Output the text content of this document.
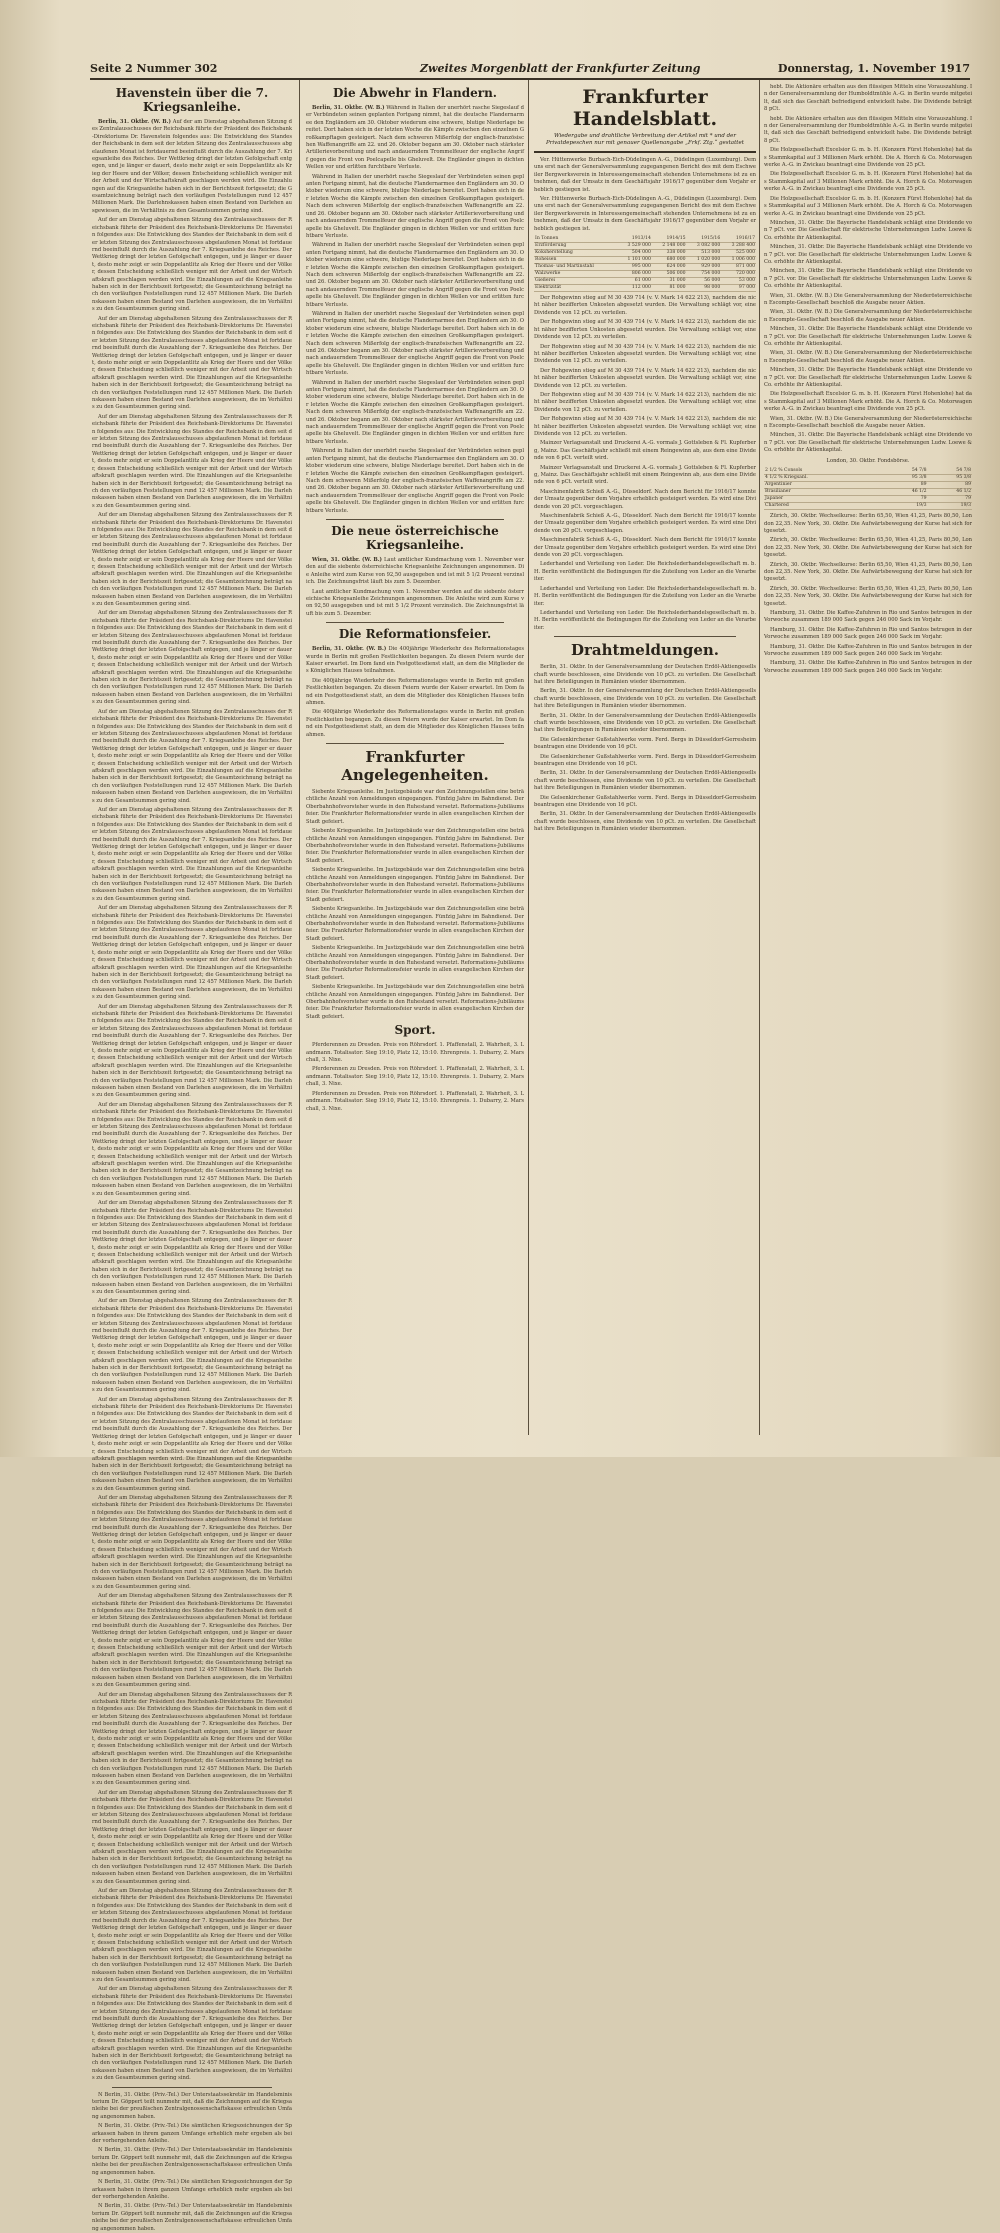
Seite 2 Nummer 302	Zweites Morgenblatt der Frankfurter Zeitung	Donnerstag, 1. November 1917
Havenstein über die 7. Kriegsanleihe.

Berlin, 31. Oktbr. (W. B.) Auf der am Dienstag abgehaltenen Sitzung des Zentralausschusses der Reichsbank führte der Präsident des Reichsbank-Direktoriums Dr. Havenstein folgendes aus: Die Entwicklung des Standes der Reichsbank in dem seit der letzten Sitzung des Zentralausschusses abgelaufenen Monat ist fortdauernd beeinflußt durch die Auszahlung der 7. Kriegsanleihe des Reiches. Der Wettkrieg dringt der letzten Gefolgschaft entgegen, und je länger er dauert, desto mehr zeigt er sein Doppelantlitz als Krieg der Heere und der Völker, dessen Entscheidung schließlich weniger mit der Arbeit und der Wirtschaftskraft geschlagen werden wird. Die Einzahlungen auf die Kriegsanleihe haben sich in der Berichtszeit fortgesetzt; die Gesamtzeichnung beträgt nach den vorläufigen Feststellungen rund 12 457 Millionen Mark. Die Darlehnskassen haben einen Bestand von Darlehen ausgewiesen, die im Verhältnis zu den Gesamtsummen gering sind.

Auf der am Dienstag abgehaltenen Sitzung des Zentralausschusses der Reichsbank führte der Präsident des Reichsbank-Direktoriums Dr. Havenstein folgendes aus: Die Entwicklung des Standes der Reichsbank in dem seit der letzten Sitzung des Zentralausschusses abgelaufenen Monat ist fortdauernd beeinflußt durch die Auszahlung der 7. Kriegsanleihe des Reiches. Der Wettkrieg dringt der letzten Gefolgschaft entgegen, und je länger er dauert, desto mehr zeigt er sein Doppelantlitz als Krieg der Heere und der Völker, dessen Entscheidung schließlich weniger mit der Arbeit und der Wirtschaftskraft geschlagen werden wird. Die Einzahlungen auf die Kriegsanleihe haben sich in der Berichtszeit fortgesetzt; die Gesamtzeichnung beträgt nach den vorläufigen Feststellungen rund 12 457 Millionen Mark. Die Darlehnskassen haben einen Bestand von Darlehen ausgewiesen, die im Verhältnis zu den Gesamtsummen gering sind.

Auf der am Dienstag abgehaltenen Sitzung des Zentralausschusses der Reichsbank führte der Präsident des Reichsbank-Direktoriums Dr. Havenstein folgendes aus: Die Entwicklung des Standes der Reichsbank in dem seit der letzten Sitzung des Zentralausschusses abgelaufenen Monat ist fortdauernd beeinflußt durch die Auszahlung der 7. Kriegsanleihe des Reiches. Der Wettkrieg dringt der letzten Gefolgschaft entgegen, und je länger er dauert, desto mehr zeigt er sein Doppelantlitz als Krieg der Heere und der Völker, dessen Entscheidung schließlich weniger mit der Arbeit und der Wirtschaftskraft geschlagen werden wird. Die Einzahlungen auf die Kriegsanleihe haben sich in der Berichtszeit fortgesetzt; die Gesamtzeichnung beträgt nach den vorläufigen Feststellungen rund 12 457 Millionen Mark. Die Darlehnskassen haben einen Bestand von Darlehen ausgewiesen, die im Verhältnis zu den Gesamtsummen gering sind.

Auf der am Dienstag abgehaltenen Sitzung des Zentralausschusses der Reichsbank führte der Präsident des Reichsbank-Direktoriums Dr. Havenstein folgendes aus: Die Entwicklung des Standes der Reichsbank in dem seit der letzten Sitzung des Zentralausschusses abgelaufenen Monat ist fortdauernd beeinflußt durch die Auszahlung der 7. Kriegsanleihe des Reiches. Der Wettkrieg dringt der letzten Gefolgschaft entgegen, und je länger er dauert, desto mehr zeigt er sein Doppelantlitz als Krieg der Heere und der Völker, dessen Entscheidung schließlich weniger mit der Arbeit und der Wirtschaftskraft geschlagen werden wird. Die Einzahlungen auf die Kriegsanleihe haben sich in der Berichtszeit fortgesetzt; die Gesamtzeichnung beträgt nach den vorläufigen Feststellungen rund 12 457 Millionen Mark. Die Darlehnskassen haben einen Bestand von Darlehen ausgewiesen, die im Verhältnis zu den Gesamtsummen gering sind.

Auf der am Dienstag abgehaltenen Sitzung des Zentralausschusses der Reichsbank führte der Präsident des Reichsbank-Direktoriums Dr. Havenstein folgendes aus: Die Entwicklung des Standes der Reichsbank in dem seit der letzten Sitzung des Zentralausschusses abgelaufenen Monat ist fortdauernd beeinflußt durch die Auszahlung der 7. Kriegsanleihe des Reiches. Der Wettkrieg dringt der letzten Gefolgschaft entgegen, und je länger er dauert, desto mehr zeigt er sein Doppelantlitz als Krieg der Heere und der Völker, dessen Entscheidung schließlich weniger mit der Arbeit und der Wirtschaftskraft geschlagen werden wird. Die Einzahlungen auf die Kriegsanleihe haben sich in der Berichtszeit fortgesetzt; die Gesamtzeichnung beträgt nach den vorläufigen Feststellungen rund 12 457 Millionen Mark. Die Darlehnskassen haben einen Bestand von Darlehen ausgewiesen, die im Verhältnis zu den Gesamtsummen gering sind.

Auf der am Dienstag abgehaltenen Sitzung des Zentralausschusses der Reichsbank führte der Präsident des Reichsbank-Direktoriums Dr. Havenstein folgendes aus: Die Entwicklung des Standes der Reichsbank in dem seit der letzten Sitzung des Zentralausschusses abgelaufenen Monat ist fortdauernd beeinflußt durch die Auszahlung der 7. Kriegsanleihe des Reiches. Der Wettkrieg dringt der letzten Gefolgschaft entgegen, und je länger er dauert, desto mehr zeigt er sein Doppelantlitz als Krieg der Heere und der Völker, dessen Entscheidung schließlich weniger mit der Arbeit und der Wirtschaftskraft geschlagen werden wird. Die Einzahlungen auf die Kriegsanleihe haben sich in der Berichtszeit fortgesetzt; die Gesamtzeichnung beträgt nach den vorläufigen Feststellungen rund 12 457 Millionen Mark. Die Darlehnskassen haben einen Bestand von Darlehen ausgewiesen, die im Verhältnis zu den Gesamtsummen gering sind.

Auf der am Dienstag abgehaltenen Sitzung des Zentralausschusses der Reichsbank führte der Präsident des Reichsbank-Direktoriums Dr. Havenstein folgendes aus: Die Entwicklung des Standes der Reichsbank in dem seit der letzten Sitzung des Zentralausschusses abgelaufenen Monat ist fortdauernd beeinflußt durch die Auszahlung der 7. Kriegsanleihe des Reiches. Der Wettkrieg dringt der letzten Gefolgschaft entgegen, und je länger er dauert, desto mehr zeigt er sein Doppelantlitz als Krieg der Heere und der Völker, dessen Entscheidung schließlich weniger mit der Arbeit und der Wirtschaftskraft geschlagen werden wird. Die Einzahlungen auf die Kriegsanleihe haben sich in der Berichtszeit fortgesetzt; die Gesamtzeichnung beträgt nach den vorläufigen Feststellungen rund 12 457 Millionen Mark. Die Darlehnskassen haben einen Bestand von Darlehen ausgewiesen, die im Verhältnis zu den Gesamtsummen gering sind.

Auf der am Dienstag abgehaltenen Sitzung des Zentralausschusses der Reichsbank führte der Präsident des Reichsbank-Direktoriums Dr. Havenstein folgendes aus: Die Entwicklung des Standes der Reichsbank in dem seit der letzten Sitzung des Zentralausschusses abgelaufenen Monat ist fortdauernd beeinflußt durch die Auszahlung der 7. Kriegsanleihe des Reiches. Der Wettkrieg dringt der letzten Gefolgschaft entgegen, und je länger er dauert, desto mehr zeigt er sein Doppelantlitz als Krieg der Heere und der Völker, dessen Entscheidung schließlich weniger mit der Arbeit und der Wirtschaftskraft geschlagen werden wird. Die Einzahlungen auf die Kriegsanleihe haben sich in der Berichtszeit fortgesetzt; die Gesamtzeichnung beträgt nach den vorläufigen Feststellungen rund 12 457 Millionen Mark. Die Darlehnskassen haben einen Bestand von Darlehen ausgewiesen, die im Verhältnis zu den Gesamtsummen gering sind.

Auf der am Dienstag abgehaltenen Sitzung des Zentralausschusses der Reichsbank führte der Präsident des Reichsbank-Direktoriums Dr. Havenstein folgendes aus: Die Entwicklung des Standes der Reichsbank in dem seit der letzten Sitzung des Zentralausschusses abgelaufenen Monat ist fortdauernd beeinflußt durch die Auszahlung der 7. Kriegsanleihe des Reiches. Der Wettkrieg dringt der letzten Gefolgschaft entgegen, und je länger er dauert, desto mehr zeigt er sein Doppelantlitz als Krieg der Heere und der Völker, dessen Entscheidung schließlich weniger mit der Arbeit und der Wirtschaftskraft geschlagen werden wird. Die Einzahlungen auf die Kriegsanleihe haben sich in der Berichtszeit fortgesetzt; die Gesamtzeichnung beträgt nach den vorläufigen Feststellungen rund 12 457 Millionen Mark. Die Darlehnskassen haben einen Bestand von Darlehen ausgewiesen, die im Verhältnis zu den Gesamtsummen gering sind.

Auf der am Dienstag abgehaltenen Sitzung des Zentralausschusses der Reichsbank führte der Präsident des Reichsbank-Direktoriums Dr. Havenstein folgendes aus: Die Entwicklung des Standes der Reichsbank in dem seit der letzten Sitzung des Zentralausschusses abgelaufenen Monat ist fortdauernd beeinflußt durch die Auszahlung der 7. Kriegsanleihe des Reiches. Der Wettkrieg dringt der letzten Gefolgschaft entgegen, und je länger er dauert, desto mehr zeigt er sein Doppelantlitz als Krieg der Heere und der Völker, dessen Entscheidung schließlich weniger mit der Arbeit und der Wirtschaftskraft geschlagen werden wird. Die Einzahlungen auf die Kriegsanleihe haben sich in der Berichtszeit fortgesetzt; die Gesamtzeichnung beträgt nach den vorläufigen Feststellungen rund 12 457 Millionen Mark. Die Darlehnskassen haben einen Bestand von Darlehen ausgewiesen, die im Verhältnis zu den Gesamtsummen gering sind.

Auf der am Dienstag abgehaltenen Sitzung des Zentralausschusses der Reichsbank führte der Präsident des Reichsbank-Direktoriums Dr. Havenstein folgendes aus: Die Entwicklung des Standes der Reichsbank in dem seit der letzten Sitzung des Zentralausschusses abgelaufenen Monat ist fortdauernd beeinflußt durch die Auszahlung der 7. Kriegsanleihe des Reiches. Der Wettkrieg dringt der letzten Gefolgschaft entgegen, und je länger er dauert, desto mehr zeigt er sein Doppelantlitz als Krieg der Heere und der Völker, dessen Entscheidung schließlich weniger mit der Arbeit und der Wirtschaftskraft geschlagen werden wird. Die Einzahlungen auf die Kriegsanleihe haben sich in der Berichtszeit fortgesetzt; die Gesamtzeichnung beträgt nach den vorläufigen Feststellungen rund 12 457 Millionen Mark. Die Darlehnskassen haben einen Bestand von Darlehen ausgewiesen, die im Verhältnis zu den Gesamtsummen gering sind.

Auf der am Dienstag abgehaltenen Sitzung des Zentralausschusses der Reichsbank führte der Präsident des Reichsbank-Direktoriums Dr. Havenstein folgendes aus: Die Entwicklung des Standes der Reichsbank in dem seit der letzten Sitzung des Zentralausschusses abgelaufenen Monat ist fortdauernd beeinflußt durch die Auszahlung der 7. Kriegsanleihe des Reiches. Der Wettkrieg dringt der letzten Gefolgschaft entgegen, und je länger er dauert, desto mehr zeigt er sein Doppelantlitz als Krieg der Heere und der Völker, dessen Entscheidung schließlich weniger mit der Arbeit und der Wirtschaftskraft geschlagen werden wird. Die Einzahlungen auf die Kriegsanleihe haben sich in der Berichtszeit fortgesetzt; die Gesamtzeichnung beträgt nach den vorläufigen Feststellungen rund 12 457 Millionen Mark. Die Darlehnskassen haben einen Bestand von Darlehen ausgewiesen, die im Verhältnis zu den Gesamtsummen gering sind.

Auf der am Dienstag abgehaltenen Sitzung des Zentralausschusses der Reichsbank führte der Präsident des Reichsbank-Direktoriums Dr. Havenstein folgendes aus: Die Entwicklung des Standes der Reichsbank in dem seit der letzten Sitzung des Zentralausschusses abgelaufenen Monat ist fortdauernd beeinflußt durch die Auszahlung der 7. Kriegsanleihe des Reiches. Der Wettkrieg dringt der letzten Gefolgschaft entgegen, und je länger er dauert, desto mehr zeigt er sein Doppelantlitz als Krieg der Heere und der Völker, dessen Entscheidung schließlich weniger mit der Arbeit und der Wirtschaftskraft geschlagen werden wird. Die Einzahlungen auf die Kriegsanleihe haben sich in der Berichtszeit fortgesetzt; die Gesamtzeichnung beträgt nach den vorläufigen Feststellungen rund 12 457 Millionen Mark. Die Darlehnskassen haben einen Bestand von Darlehen ausgewiesen, die im Verhältnis zu den Gesamtsummen gering sind.

Auf der am Dienstag abgehaltenen Sitzung des Zentralausschusses der Reichsbank führte der Präsident des Reichsbank-Direktoriums Dr. Havenstein folgendes aus: Die Entwicklung des Standes der Reichsbank in dem seit der letzten Sitzung des Zentralausschusses abgelaufenen Monat ist fortdauernd beeinflußt durch die Auszahlung der 7. Kriegsanleihe des Reiches. Der Wettkrieg dringt der letzten Gefolgschaft entgegen, und je länger er dauert, desto mehr zeigt er sein Doppelantlitz als Krieg der Heere und der Völker, dessen Entscheidung schließlich weniger mit der Arbeit und der Wirtschaftskraft geschlagen werden wird. Die Einzahlungen auf die Kriegsanleihe haben sich in der Berichtszeit fortgesetzt; die Gesamtzeichnung beträgt nach den vorläufigen Feststellungen rund 12 457 Millionen Mark. Die Darlehnskassen haben einen Bestand von Darlehen ausgewiesen, die im Verhältnis zu den Gesamtsummen gering sind.

Auf der am Dienstag abgehaltenen Sitzung des Zentralausschusses der Reichsbank führte der Präsident des Reichsbank-Direktoriums Dr. Havenstein folgendes aus: Die Entwicklung des Standes der Reichsbank in dem seit der letzten Sitzung des Zentralausschusses abgelaufenen Monat ist fortdauernd beeinflußt durch die Auszahlung der 7. Kriegsanleihe des Reiches. Der Wettkrieg dringt der letzten Gefolgschaft entgegen, und je länger er dauert, desto mehr zeigt er sein Doppelantlitz als Krieg der Heere und der Völker, dessen Entscheidung schließlich weniger mit der Arbeit und der Wirtschaftskraft geschlagen werden wird. Die Einzahlungen auf die Kriegsanleihe haben sich in der Berichtszeit fortgesetzt; die Gesamtzeichnung beträgt nach den vorläufigen Feststellungen rund 12 457 Millionen Mark. Die Darlehnskassen haben einen Bestand von Darlehen ausgewiesen, die im Verhältnis zu den Gesamtsummen gering sind.

Auf der am Dienstag abgehaltenen Sitzung des Zentralausschusses der Reichsbank führte der Präsident des Reichsbank-Direktoriums Dr. Havenstein folgendes aus: Die Entwicklung des Standes der Reichsbank in dem seit der letzten Sitzung des Zentralausschusses abgelaufenen Monat ist fortdauernd beeinflußt durch die Auszahlung der 7. Kriegsanleihe des Reiches. Der Wettkrieg dringt der letzten Gefolgschaft entgegen, und je länger er dauert, desto mehr zeigt er sein Doppelantlitz als Krieg der Heere und der Völker, dessen Entscheidung schließlich weniger mit der Arbeit und der Wirtschaftskraft geschlagen werden wird. Die Einzahlungen auf die Kriegsanleihe haben sich in der Berichtszeit fortgesetzt; die Gesamtzeichnung beträgt nach den vorläufigen Feststellungen rund 12 457 Millionen Mark. Die Darlehnskassen haben einen Bestand von Darlehen ausgewiesen, die im Verhältnis zu den Gesamtsummen gering sind.

Auf der am Dienstag abgehaltenen Sitzung des Zentralausschusses der Reichsbank führte der Präsident des Reichsbank-Direktoriums Dr. Havenstein folgendes aus: Die Entwicklung des Standes der Reichsbank in dem seit der letzten Sitzung des Zentralausschusses abgelaufenen Monat ist fortdauernd beeinflußt durch die Auszahlung der 7. Kriegsanleihe des Reiches. Der Wettkrieg dringt der letzten Gefolgschaft entgegen, und je länger er dauert, desto mehr zeigt er sein Doppelantlitz als Krieg der Heere und der Völker, dessen Entscheidung schließlich weniger mit der Arbeit und der Wirtschaftskraft geschlagen werden wird. Die Einzahlungen auf die Kriegsanleihe haben sich in der Berichtszeit fortgesetzt; die Gesamtzeichnung beträgt nach den vorläufigen Feststellungen rund 12 457 Millionen Mark. Die Darlehnskassen haben einen Bestand von Darlehen ausgewiesen, die im Verhältnis zu den Gesamtsummen gering sind.

Auf der am Dienstag abgehaltenen Sitzung des Zentralausschusses der Reichsbank führte der Präsident des Reichsbank-Direktoriums Dr. Havenstein folgendes aus: Die Entwicklung des Standes der Reichsbank in dem seit der letzten Sitzung des Zentralausschusses abgelaufenen Monat ist fortdauernd beeinflußt durch die Auszahlung der 7. Kriegsanleihe des Reiches. Der Wettkrieg dringt der letzten Gefolgschaft entgegen, und je länger er dauert, desto mehr zeigt er sein Doppelantlitz als Krieg der Heere und der Völker, dessen Entscheidung schließlich weniger mit der Arbeit und der Wirtschaftskraft geschlagen werden wird. Die Einzahlungen auf die Kriegsanleihe haben sich in der Berichtszeit fortgesetzt; die Gesamtzeichnung beträgt nach den vorläufigen Feststellungen rund 12 457 Millionen Mark. Die Darlehnskassen haben einen Bestand von Darlehen ausgewiesen, die im Verhältnis zu den Gesamtsummen gering sind.

Auf der am Dienstag abgehaltenen Sitzung des Zentralausschusses der Reichsbank führte der Präsident des Reichsbank-Direktoriums Dr. Havenstein folgendes aus: Die Entwicklung des Standes der Reichsbank in dem seit der letzten Sitzung des Zentralausschusses abgelaufenen Monat ist fortdauernd beeinflußt durch die Auszahlung der 7. Kriegsanleihe des Reiches. Der Wettkrieg dringt der letzten Gefolgschaft entgegen, und je länger er dauert, desto mehr zeigt er sein Doppelantlitz als Krieg der Heere und der Völker, dessen Entscheidung schließlich weniger mit der Arbeit und der Wirtschaftskraft geschlagen werden wird. Die Einzahlungen auf die Kriegsanleihe haben sich in der Berichtszeit fortgesetzt; die Gesamtzeichnung beträgt nach den vorläufigen Feststellungen rund 12 457 Millionen Mark. Die Darlehnskassen haben einen Bestand von Darlehen ausgewiesen, die im Verhältnis zu den Gesamtsummen gering sind.

Auf der am Dienstag abgehaltenen Sitzung des Zentralausschusses der Reichsbank führte der Präsident des Reichsbank-Direktoriums Dr. Havenstein folgendes aus: Die Entwicklung des Standes der Reichsbank in dem seit der letzten Sitzung des Zentralausschusses abgelaufenen Monat ist fortdauernd beeinflußt durch die Auszahlung der 7. Kriegsanleihe des Reiches. Der Wettkrieg dringt der letzten Gefolgschaft entgegen, und je länger er dauert, desto mehr zeigt er sein Doppelantlitz als Krieg der Heere und der Völker, dessen Entscheidung schließlich weniger mit der Arbeit und der Wirtschaftskraft geschlagen werden wird. Die Einzahlungen auf die Kriegsanleihe haben sich in der Berichtszeit fortgesetzt; die Gesamtzeichnung beträgt nach den vorläufigen Feststellungen rund 12 457 Millionen Mark. Die Darlehnskassen haben einen Bestand von Darlehen ausgewiesen, die im Verhältnis zu den Gesamtsummen gering sind.

N Berlin, 31. Oktbr. (Priv.-Tel.) Der Unterstaatssekretär im Handelsministerium Dr. Göppert teilt nunmehr mit, daß die Zeichnungen auf die Kriegsanleihe bei der preußischen Zentralgenossenschaftskasse erfreulichen Umfang angenommen haben.

N Berlin, 31. Oktbr. (Priv.-Tel.) Die sämtlichen Kriegszeichnungen der Sparkassen haben in ihrem ganzen Umfange erheblich mehr ergeben als bei der vorhergehenden Anleihe.

N Berlin, 31. Oktbr. (Priv.-Tel.) Der Unterstaatssekretär im Handelsministerium Dr. Göppert teilt nunmehr mit, daß die Zeichnungen auf die Kriegsanleihe bei der preußischen Zentralgenossenschaftskasse erfreulichen Umfang angenommen haben.

N Berlin, 31. Oktbr. (Priv.-Tel.) Die sämtlichen Kriegszeichnungen der Sparkassen haben in ihrem ganzen Umfange erheblich mehr ergeben als bei der vorhergehenden Anleihe.

N Berlin, 31. Oktbr. (Priv.-Tel.) Der Unterstaatssekretär im Handelsministerium Dr. Göppert teilt nunmehr mit, daß die Zeichnungen auf die Kriegsanleihe bei der preußischen Zentralgenossenschaftskasse erfreulichen Umfang angenommen haben.

Die Abwehr in Flandern.

Berlin, 31. Oktbr. (W. B.) Während in Italien der unerhört rasche Siegeslauf der Verbündeten seinen geplanten Fortgang nimmt, hat die deutsche Flandernarmee den Engländern am 30. Oktober wiederum eine schwere, blutige Niederlage bereitet. Dort haben sich in der letzten Woche die Kämpfe zwischen den einzelnen Großkampftagen gesteigert. Nach dem schweren Mißerfolg der englisch-französischen Waffenangriffe am 22. und 26. Oktober begann am 30. Oktober nach stärkster Artillerievorbereitung und nach andauerndem Trommelfeuer der englische Angriff gegen die Front von Poelcapelle bis Gheluvelt. Die Engländer gingen in dichten Wellen vor und erlitten furchtbare Verluste.

Während in Italien der unerhört rasche Siegeslauf der Verbündeten seinen geplanten Fortgang nimmt, hat die deutsche Flandernarmee den Engländern am 30. Oktober wiederum eine schwere, blutige Niederlage bereitet. Dort haben sich in der letzten Woche die Kämpfe zwischen den einzelnen Großkampftagen gesteigert. Nach dem schweren Mißerfolg der englisch-französischen Waffenangriffe am 22. und 26. Oktober begann am 30. Oktober nach stärkster Artillerievorbereitung und nach andauerndem Trommelfeuer der englische Angriff gegen die Front von Poelcapelle bis Gheluvelt. Die Engländer gingen in dichten Wellen vor und erlitten furchtbare Verluste.

Während in Italien der unerhört rasche Siegeslauf der Verbündeten seinen geplanten Fortgang nimmt, hat die deutsche Flandernarmee den Engländern am 30. Oktober wiederum eine schwere, blutige Niederlage bereitet. Dort haben sich in der letzten Woche die Kämpfe zwischen den einzelnen Großkampftagen gesteigert. Nach dem schweren Mißerfolg der englisch-französischen Waffenangriffe am 22. und 26. Oktober begann am 30. Oktober nach stärkster Artillerievorbereitung und nach andauerndem Trommelfeuer der englische Angriff gegen die Front von Poelcapelle bis Gheluvelt. Die Engländer gingen in dichten Wellen vor und erlitten furchtbare Verluste.

Während in Italien der unerhört rasche Siegeslauf der Verbündeten seinen geplanten Fortgang nimmt, hat die deutsche Flandernarmee den Engländern am 30. Oktober wiederum eine schwere, blutige Niederlage bereitet. Dort haben sich in der letzten Woche die Kämpfe zwischen den einzelnen Großkampftagen gesteigert. Nach dem schweren Mißerfolg der englisch-französischen Waffenangriffe am 22. und 26. Oktober begann am 30. Oktober nach stärkster Artillerievorbereitung und nach andauerndem Trommelfeuer der englische Angriff gegen die Front von Poelcapelle bis Gheluvelt. Die Engländer gingen in dichten Wellen vor und erlitten furchtbare Verluste.

Während in Italien der unerhört rasche Siegeslauf der Verbündeten seinen geplanten Fortgang nimmt, hat die deutsche Flandernarmee den Engländern am 30. Oktober wiederum eine schwere, blutige Niederlage bereitet. Dort haben sich in der letzten Woche die Kämpfe zwischen den einzelnen Großkampftagen gesteigert. Nach dem schweren Mißerfolg der englisch-französischen Waffenangriffe am 22. und 26. Oktober begann am 30. Oktober nach stärkster Artillerievorbereitung und nach andauerndem Trommelfeuer der englische Angriff gegen die Front von Poelcapelle bis Gheluvelt. Die Engländer gingen in dichten Wellen vor und erlitten furchtbare Verluste.

Während in Italien der unerhört rasche Siegeslauf der Verbündeten seinen geplanten Fortgang nimmt, hat die deutsche Flandernarmee den Engländern am 30. Oktober wiederum eine schwere, blutige Niederlage bereitet. Dort haben sich in der letzten Woche die Kämpfe zwischen den einzelnen Großkampftagen gesteigert. Nach dem schweren Mißerfolg der englisch-französischen Waffenangriffe am 22. und 26. Oktober begann am 30. Oktober nach stärkster Artillerievorbereitung und nach andauerndem Trommelfeuer der englische Angriff gegen die Front von Poelcapelle bis Gheluvelt. Die Engländer gingen in dichten Wellen vor und erlitten furchtbare Verluste.

Die neue österreichische Kriegsanleihe.

Wien, 31. Oktbr. (W. B.) Laut amtlicher Kundmachung vom 1. November werden auf die siebente österreichische Kriegsanleihe Zeichnungen angenommen. Die Anleihe wird zum Kurse von 92,50 ausgegeben und ist mit 5 1/2 Prozent verzinslich. Die Zeichnungsfrist läuft bis zum 5. Dezember.

Laut amtlicher Kundmachung vom 1. November werden auf die siebente österreichische Kriegsanleihe Zeichnungen angenommen. Die Anleihe wird zum Kurse von 92,50 ausgegeben und ist mit 5 1/2 Prozent verzinslich. Die Zeichnungsfrist läuft bis zum 5. Dezember.

Die Reformationsfeier.

Berlin, 31. Oktbr. (W. B.) Die 400jährige Wiederkehr des Reformationstages wurde in Berlin mit großen Festlichkeiten begangen. Zu diesen Feiern wurde der Kaiser erwartet. Im Dom fand ein Festgottesdienst statt, an dem die Mitglieder des Königlichen Hauses teilnahmen.

Die 400jährige Wiederkehr des Reformationstages wurde in Berlin mit großen Festlichkeiten begangen. Zu diesen Feiern wurde der Kaiser erwartet. Im Dom fand ein Festgottesdienst statt, an dem die Mitglieder des Königlichen Hauses teilnahmen.

Die 400jährige Wiederkehr des Reformationstages wurde in Berlin mit großen Festlichkeiten begangen. Zu diesen Feiern wurde der Kaiser erwartet. Im Dom fand ein Festgottesdienst statt, an dem die Mitglieder des Königlichen Hauses teilnahmen.

Frankfurter Angelegenheiten.

Siebente Kriegsanleihe. Im Justizgebäude war den Zeichnungsstellen eine beträchtliche Anzahl von Anmeldungen eingegangen. Fünfzig Jahre im Bahndienst. Der Oberbahnhofsvorsteher wurde in den Ruhestand versetzt. Reformations-Jubiläumsfeier. Die Frankfurter Reformationsfeier wurde in allen evangelischen Kirchen der Stadt gefeiert.

Siebente Kriegsanleihe. Im Justizgebäude war den Zeichnungsstellen eine beträchtliche Anzahl von Anmeldungen eingegangen. Fünfzig Jahre im Bahndienst. Der Oberbahnhofsvorsteher wurde in den Ruhestand versetzt. Reformations-Jubiläumsfeier. Die Frankfurter Reformationsfeier wurde in allen evangelischen Kirchen der Stadt gefeiert.

Siebente Kriegsanleihe. Im Justizgebäude war den Zeichnungsstellen eine beträchtliche Anzahl von Anmeldungen eingegangen. Fünfzig Jahre im Bahndienst. Der Oberbahnhofsvorsteher wurde in den Ruhestand versetzt. Reformations-Jubiläumsfeier. Die Frankfurter Reformationsfeier wurde in allen evangelischen Kirchen der Stadt gefeiert.

Siebente Kriegsanleihe. Im Justizgebäude war den Zeichnungsstellen eine beträchtliche Anzahl von Anmeldungen eingegangen. Fünfzig Jahre im Bahndienst. Der Oberbahnhofsvorsteher wurde in den Ruhestand versetzt. Reformations-Jubiläumsfeier. Die Frankfurter Reformationsfeier wurde in allen evangelischen Kirchen der Stadt gefeiert.

Siebente Kriegsanleihe. Im Justizgebäude war den Zeichnungsstellen eine beträchtliche Anzahl von Anmeldungen eingegangen. Fünfzig Jahre im Bahndienst. Der Oberbahnhofsvorsteher wurde in den Ruhestand versetzt. Reformations-Jubiläumsfeier. Die Frankfurter Reformationsfeier wurde in allen evangelischen Kirchen der Stadt gefeiert.

Siebente Kriegsanleihe. Im Justizgebäude war den Zeichnungsstellen eine beträchtliche Anzahl von Anmeldungen eingegangen. Fünfzig Jahre im Bahndienst. Der Oberbahnhofsvorsteher wurde in den Ruhestand versetzt. Reformations-Jubiläumsfeier. Die Frankfurter Reformationsfeier wurde in allen evangelischen Kirchen der Stadt gefeiert.

Sport.

Pferderennen zu Dresden. Preis von Röhrsdorf. 1. Pfaffenstall, 2. Wahrheit, 3. Landmann. Totalisator: Sieg 19:10, Platz 12, 15:10. Ehrenpreis. 1. Dubarry, 2. Marschall, 3. Nixe.

Pferderennen zu Dresden. Preis von Röhrsdorf. 1. Pfaffenstall, 2. Wahrheit, 3. Landmann. Totalisator: Sieg 19:10, Platz 12, 15:10. Ehrenpreis. 1. Dubarry, 2. Marschall, 3. Nixe.

Pferderennen zu Dresden. Preis von Röhrsdorf. 1. Pfaffenstall, 2. Wahrheit, 3. Landmann. Totalisator: Sieg 19:10, Platz 12, 15:10. Ehrenpreis. 1. Dubarry, 2. Marschall, 3. Nixe.

Frankfurter Handelsblatt.
Wiedergabe und drahtliche Verbreitung der Artikel mit * und der Privatdepeschen nur mit genauer Quellenangabe „Frkf. Ztg.“ gestattet

Ver. Hüttenwerke Burbach-Eich-Düdelingen A.-G., Düdelingen (Luxemburg). Dem uns erst nach der Generalversammlung zugegangenen Bericht des mit dem Eschweiler Bergwerksverein in Interessengemeinschaft stehenden Unternehmens ist zu entnehmen, daß der Umsatz in dem Geschäftsjahr 1916/17 gegenüber dem Vorjahr erheblich gestiegen ist.

Ver. Hüttenwerke Burbach-Eich-Düdelingen A.-G., Düdelingen (Luxemburg). Dem uns erst nach der Generalversammlung zugegangenen Bericht des mit dem Eschweiler Bergwerksverein in Interessengemeinschaft stehenden Unternehmens ist zu entnehmen, daß der Umsatz in dem Geschäftsjahr 1916/17 gegenüber dem Vorjahr erheblich gestiegen ist.

In Tonnen	1913/14	1914/15	1915/16	1916/17
Erzförderung	3 529 000	2 148 000	3 082 000	3 288 400
Koksherstellung	504 000	338 000	513 000	525 000
Roheisen	1 101 000	680 000	1 020 000	1 006 000
Thomas- und Martinstahl	995 000	624 000	929 000	871 000
Walzwerke	806 000	506 000	754 000	720 000
Gießerei	61 000	31 000	56 000	53 000
Elektrizität	112 000	81 000	98 000	97 000

Der Rohgewinn stieg auf M 30 439 714 (v. V. Mark 14 622 213), nachdem die nicht näher bezifferten Unkosten abgesetzt wurden. Die Verwaltung schlägt vor, eine Dividende von 12 pCt. zu verteilen.

Der Rohgewinn stieg auf M 30 439 714 (v. V. Mark 14 622 213), nachdem die nicht näher bezifferten Unkosten abgesetzt wurden. Die Verwaltung schlägt vor, eine Dividende von 12 pCt. zu verteilen.

Der Rohgewinn stieg auf M 30 439 714 (v. V. Mark 14 622 213), nachdem die nicht näher bezifferten Unkosten abgesetzt wurden. Die Verwaltung schlägt vor, eine Dividende von 12 pCt. zu verteilen.

Der Rohgewinn stieg auf M 30 439 714 (v. V. Mark 14 622 213), nachdem die nicht näher bezifferten Unkosten abgesetzt wurden. Die Verwaltung schlägt vor, eine Dividende von 12 pCt. zu verteilen.

Der Rohgewinn stieg auf M 30 439 714 (v. V. Mark 14 622 213), nachdem die nicht näher bezifferten Unkosten abgesetzt wurden. Die Verwaltung schlägt vor, eine Dividende von 12 pCt. zu verteilen.

Der Rohgewinn stieg auf M 30 439 714 (v. V. Mark 14 622 213), nachdem die nicht näher bezifferten Unkosten abgesetzt wurden. Die Verwaltung schlägt vor, eine Dividende von 12 pCt. zu verteilen.

Mainzer Verlagsanstalt und Druckerei A.-G. vormals J. Gottsleben & Fl. Kupferberg, Mainz. Das Geschäftsjahr schließt mit einem Reingewinn ab, aus dem eine Dividende von 6 pCt. verteilt wird.

Mainzer Verlagsanstalt und Druckerei A.-G. vormals J. Gottsleben & Fl. Kupferberg, Mainz. Das Geschäftsjahr schließt mit einem Reingewinn ab, aus dem eine Dividende von 6 pCt. verteilt wird.

Maschinenfabrik Schieß A.-G., Düsseldorf. Nach dem Bericht für 1916/17 konnte der Umsatz gegenüber dem Vorjahre erheblich gesteigert werden. Es wird eine Dividende von 20 pCt. vorgeschlagen.

Maschinenfabrik Schieß A.-G., Düsseldorf. Nach dem Bericht für 1916/17 konnte der Umsatz gegenüber dem Vorjahre erheblich gesteigert werden. Es wird eine Dividende von 20 pCt. vorgeschlagen.

Maschinenfabrik Schieß A.-G., Düsseldorf. Nach dem Bericht für 1916/17 konnte der Umsatz gegenüber dem Vorjahre erheblich gesteigert werden. Es wird eine Dividende von 20 pCt. vorgeschlagen.

Lederhandel und Verteilung von Leder. Die Reichslederhandelsgesellschaft m. b. H. Berlin veröffentlicht die Bedingungen für die Zuteilung von Leder an die Verarbeiter.

Lederhandel und Verteilung von Leder. Die Reichslederhandelsgesellschaft m. b. H. Berlin veröffentlicht die Bedingungen für die Zuteilung von Leder an die Verarbeiter.

Lederhandel und Verteilung von Leder. Die Reichslederhandelsgesellschaft m. b. H. Berlin veröffentlicht die Bedingungen für die Zuteilung von Leder an die Verarbeiter.

Drahtmeldungen.

Berlin, 31. Oktbr. In der Generalversammlung der Deutschen Erdöl-Aktiengesellschaft wurde beschlossen, eine Dividende von 10 pCt. zu verteilen. Die Gesellschaft hat ihre Beteiligungen in Rumänien wieder übernommen.

Berlin, 31. Oktbr. In der Generalversammlung der Deutschen Erdöl-Aktiengesellschaft wurde beschlossen, eine Dividende von 10 pCt. zu verteilen. Die Gesellschaft hat ihre Beteiligungen in Rumänien wieder übernommen.

Berlin, 31. Oktbr. In der Generalversammlung der Deutschen Erdöl-Aktiengesellschaft wurde beschlossen, eine Dividende von 10 pCt. zu verteilen. Die Gesellschaft hat ihre Beteiligungen in Rumänien wieder übernommen.

Die Gelsenkirchener Gußstahlwerke vorm. Ferd. Bergs in Düsseldorf-Gerresheim beantragen eine Dividende von 16 pCt.

Die Gelsenkirchener Gußstahlwerke vorm. Ferd. Bergs in Düsseldorf-Gerresheim beantragen eine Dividende von 16 pCt.

Berlin, 31. Oktbr. In der Generalversammlung der Deutschen Erdöl-Aktiengesellschaft wurde beschlossen, eine Dividende von 10 pCt. zu verteilen. Die Gesellschaft hat ihre Beteiligungen in Rumänien wieder übernommen.

Die Gelsenkirchener Gußstahlwerke vorm. Ferd. Bergs in Düsseldorf-Gerresheim beantragen eine Dividende von 16 pCt.

Berlin, 31. Oktbr. In der Generalversammlung der Deutschen Erdöl-Aktiengesellschaft wurde beschlossen, eine Dividende von 10 pCt. zu verteilen. Die Gesellschaft hat ihre Beteiligungen in Rumänien wieder übernommen.

hebt. Die Aktionäre erhalten aus den flüssigen Mitteln eine Vorauszahlung. In der Generalversammlung der Humboldtmühle A.-G. in Berlin wurde mitgeteilt, daß sich das Geschäft befriedigend entwickelt habe. Die Dividende beträgt 8 pCt.

hebt. Die Aktionäre erhalten aus den flüssigen Mitteln eine Vorauszahlung. In der Generalversammlung der Humboldtmühle A.-G. in Berlin wurde mitgeteilt, daß sich das Geschäft befriedigend entwickelt habe. Die Dividende beträgt 8 pCt.

Die Holzgesellschaft Excelsior G. m. b. H. (Konzern Fürst Hohenlohe) hat das Stammkapital auf 3 Millionen Mark erhöht. Die A. Horch & Co. Motorwagenwerke A.-G. in Zwickau beantragt eine Dividende von 25 pCt.

Die Holzgesellschaft Excelsior G. m. b. H. (Konzern Fürst Hohenlohe) hat das Stammkapital auf 3 Millionen Mark erhöht. Die A. Horch & Co. Motorwagenwerke A.-G. in Zwickau beantragt eine Dividende von 25 pCt.

Die Holzgesellschaft Excelsior G. m. b. H. (Konzern Fürst Hohenlohe) hat das Stammkapital auf 3 Millionen Mark erhöht. Die A. Horch & Co. Motorwagenwerke A.-G. in Zwickau beantragt eine Dividende von 25 pCt.

München, 31. Oktbr. Die Bayerische Handelsbank schlägt eine Dividende von 7 pCt. vor. Die Gesellschaft für elektrische Unternehmungen Ludw. Loewe & Co. erhöhte ihr Aktienkapital.

München, 31. Oktbr. Die Bayerische Handelsbank schlägt eine Dividende von 7 pCt. vor. Die Gesellschaft für elektrische Unternehmungen Ludw. Loewe & Co. erhöhte ihr Aktienkapital.

München, 31. Oktbr. Die Bayerische Handelsbank schlägt eine Dividende von 7 pCt. vor. Die Gesellschaft für elektrische Unternehmungen Ludw. Loewe & Co. erhöhte ihr Aktienkapital.

Wien, 31. Oktbr. (W. B.) Die Generalversammlung der Niederösterreichischen Escompte-Gesellschaft beschloß die Ausgabe neuer Aktien.

Wien, 31. Oktbr. (W. B.) Die Generalversammlung der Niederösterreichischen Escompte-Gesellschaft beschloß die Ausgabe neuer Aktien.

München, 31. Oktbr. Die Bayerische Handelsbank schlägt eine Dividende von 7 pCt. vor. Die Gesellschaft für elektrische Unternehmungen Ludw. Loewe & Co. erhöhte ihr Aktienkapital.

Wien, 31. Oktbr. (W. B.) Die Generalversammlung der Niederösterreichischen Escompte-Gesellschaft beschloß die Ausgabe neuer Aktien.

München, 31. Oktbr. Die Bayerische Handelsbank schlägt eine Dividende von 7 pCt. vor. Die Gesellschaft für elektrische Unternehmungen Ludw. Loewe & Co. erhöhte ihr Aktienkapital.

Die Holzgesellschaft Excelsior G. m. b. H. (Konzern Fürst Hohenlohe) hat das Stammkapital auf 3 Millionen Mark erhöht. Die A. Horch & Co. Motorwagenwerke A.-G. in Zwickau beantragt eine Dividende von 25 pCt.

Wien, 31. Oktbr. (W. B.) Die Generalversammlung der Niederösterreichischen Escompte-Gesellschaft beschloß die Ausgabe neuer Aktien.

München, 31. Oktbr. Die Bayerische Handelsbank schlägt eine Dividende von 7 pCt. vor. Die Gesellschaft für elektrische Unternehmungen Ludw. Loewe & Co. erhöhte ihr Aktienkapital.

London, 30. Oktbr. Fondsbörse.
2 1/2 % Consols	54 7/8	54 7/8
4 1/2 % Kriegsanl.	95 3/8	95 3/8
Argentinier	89	89
Brasilianer	46 1/2	46 1/2
Japaner	79	79
Chartered	19/3	19/3

Zürich, 30. Oktbr. Wechselkurse: Berlin 65,50, Wien 41,25, Paris 80,50, London 22,35. New York, 30. Oktbr. Die Aufwärtsbewegung der Kurse hat sich fortgesetzt.

Zürich, 30. Oktbr. Wechselkurse: Berlin 65,50, Wien 41,25, Paris 80,50, London 22,35. New York, 30. Oktbr. Die Aufwärtsbewegung der Kurse hat sich fortgesetzt.

Zürich, 30. Oktbr. Wechselkurse: Berlin 65,50, Wien 41,25, Paris 80,50, London 22,35. New York, 30. Oktbr. Die Aufwärtsbewegung der Kurse hat sich fortgesetzt.

Zürich, 30. Oktbr. Wechselkurse: Berlin 65,50, Wien 41,25, Paris 80,50, London 22,35. New York, 30. Oktbr. Die Aufwärtsbewegung der Kurse hat sich fortgesetzt.

Hamburg, 31. Oktbr. Die Kaffee-Zufuhren in Rio und Santos betrugen in der Vorwoche zusammen 189 000 Sack gegen 246 000 Sack im Vorjahr.

Hamburg, 31. Oktbr. Die Kaffee-Zufuhren in Rio und Santos betrugen in der Vorwoche zusammen 189 000 Sack gegen 246 000 Sack im Vorjahr.

Hamburg, 31. Oktbr. Die Kaffee-Zufuhren in Rio und Santos betrugen in der Vorwoche zusammen 189 000 Sack gegen 246 000 Sack im Vorjahr.

Hamburg, 31. Oktbr. Die Kaffee-Zufuhren in Rio und Santos betrugen in der Vorwoche zusammen 189 000 Sack gegen 246 000 Sack im Vorjahr.
